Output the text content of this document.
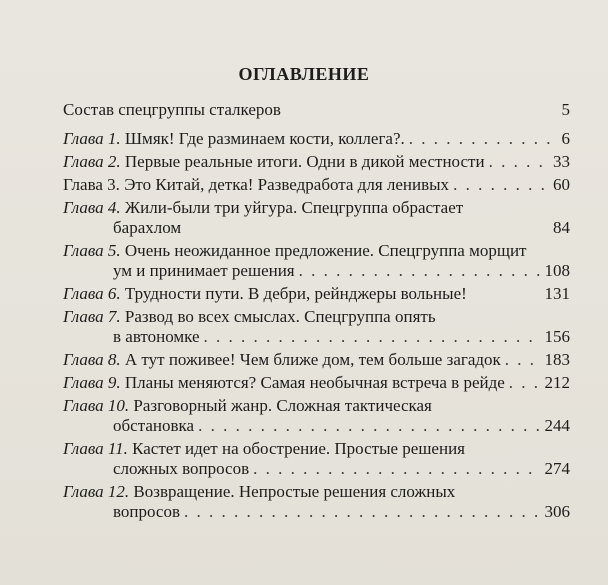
ОГЛАВЛЕНИЕ
Состав спецгруппы сталкеров	5
Глава 1. Шмяк! Где разминаем кости, коллега?. . . .	6
Глава 2. Первые реальные итоги. Одни в дикой местности . . .	33
Глава 3. Это Китай, детка! Разведработа для ленивых . . .	60
Глава 4. Жили-были три уйгура. Спецгруппа обрастает
барахлом	84
Глава 5. Очень неожиданное предложение. Спецгруппа морщит
ум и принимает решения . . .	108
Глава 6. Трудности пути. В дебри, рейнджеры вольные!	131
Глава 7. Развод во всех смыслах. Спецгруппа опять
в автономке . . .	156
Глава 8. А тут поживее! Чем ближе дом, тем больше загадок . . .	183
Глава 9. Планы меняются? Самая необычная встреча в рейде . . . 212
Глава 10. Разговорный жанр. Сложная тактическая
обстановка . . .	244
Глава 11. Кастет идет на обострение. Простые решения
сложных вопросов . . .	274
Глава 12. Возвращение. Непростые решения сложных
вопросов . . .	306
